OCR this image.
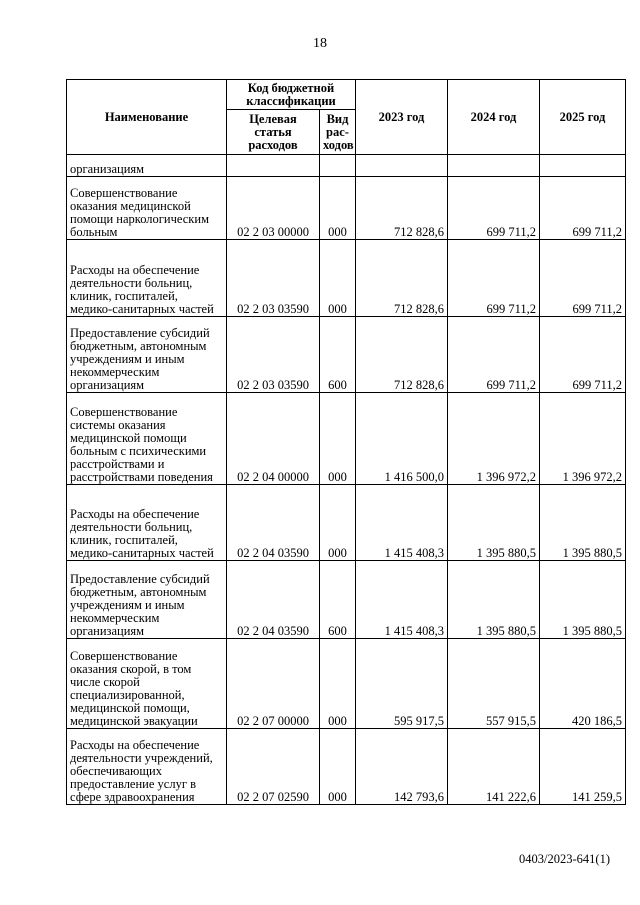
18
Наименование	Код бюджетной классификации		2023 год	2024 год	2025 год
	Целевая статья расходов	Вид рас-ходов			
организациям					
Совершенствование оказания медицинской помощи наркологическим больным	02 2 03 00000	000	712 828,6	699 711,2	699 711,2
Расходы на обеспечение деятельности больниц, клиник, госпиталей, медико-санитарных частей	02 2 03 03590	000	712 828,6	699 711,2	699 711,2
Предоставление субсидий бюджетным, автономным учреждениям и иным некоммерческим организациям	02 2 03 03590	600	712 828,6	699 711,2	699 711,2
Совершенствование системы оказания медицинской помощи больным с психическими расстройствами и расстройствами поведения	02 2 04 00000	000	1 416 500,0	1 396 972,2	1 396 972,2
Расходы на обеспечение деятельности больниц, клиник, госпиталей, медико-санитарных частей	02 2 04 03590	000	1 415 408,3	1 395 880,5	1 395 880,5
Предоставление субсидий бюджетным, автономным учреждениям и иным некоммерческим организациям	02 2 04 03590	600	1 415 408,3	1 395 880,5	1 395 880,5
Совершенствование оказания скорой, в том числе скорой специализированной, медицинской помощи, медицинской эвакуации	02 2 07 00000	000	595 917,5	557 915,5	420 186,5
Расходы на обеспечение деятельности учреждений, обеспечивающих предоставление услуг в сфере здравоохранения	02 2 07 02590	000	142 793,6	141 222,6	141 259,5
0403/2023-641(1)
